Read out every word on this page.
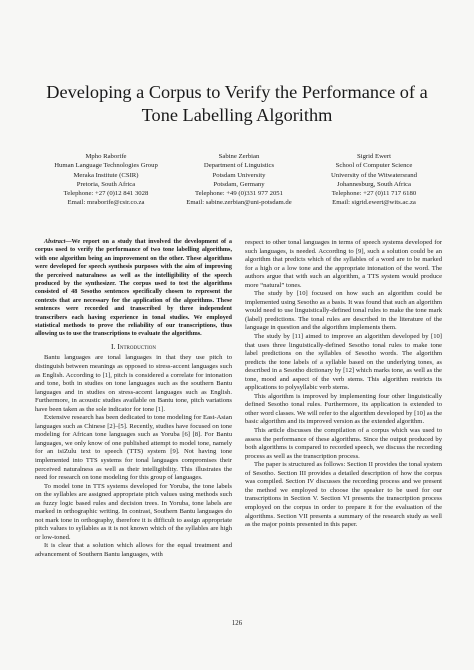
Developing a Corpus to Verify the Performance of a Tone Labelling Algorithm
Mpho Raborife
Human Language Technologies Group
Meraka Institute (CSIR)
Pretoria, South Africa
Telephone: +27 (0)12 841 3028
Email: mraborife@csir.co.za
Sabine Zerbian
Department of Linguistics
Potsdam University
Potsdam, Germany
Telephone: +49 (0)331 977 2051
Email: sabine.zerbian@uni-potsdam.de
Sigrid Ewert
School of Computer Science
University of the Witwatersrand
Johannesburg, South Africa
Telephone: +27 (0)11 717 6180
Email: sigrid.ewert@wits.ac.za

Abstract—We report on a study that involved the development of a corpus used to verify the performance of two tone labelling algorithms, with one algorithm being an improvement on the other. These algorithms were developed for speech synthesis purposes with the aim of improving the perceived naturalness as well as the intelligibility of the speech produced by the synthesizer. The corpus used to test the algorithms consisted of 48 Sesotho sentences specifically chosen to represent the contexts that are necessary for the application of the algorithms. These sentences were recorded and transcribed by three independent transcribers each having experience in tonal studies. We employed statistical methods to prove the reliability of our transcriptions, thus allowing us to use the transcriptions to evaluate the algorithms.

I. Introduction

Bantu languages are tonal languages in that they use pitch to distinguish between meanings as opposed to stress-accent languages such as English. According to [1], pitch is considered a correlate for intonation and tone, both in studies on tone languages such as the southern Bantu languages and in studies on stress-accent languages such as English. Furthermore, in acoustic studies available on Bantu tone, pitch variations have been taken as the sole indicator for tone [1].

Extensive research has been dedicated to tone modeling for East-Asian languages such as Chinese [2]–[5]. Recently, studies have focused on tone modeling for African tone languages such as Yoruba [6] [8]. For Bantu languages, we only know of one published attempt to model tone, namely for an isiZulu text to speech (TTS) system [9]. Not having tone implemented into TTS systems for tonal languages compromises their perceived naturalness as well as their intelligibility. This illustrates the need for research on tone modeling for this group of languages.

To model tone in TTS systems developed for Yoruba, the tone labels on the syllables are assigned appropriate pitch values using methods such as fuzzy logic based rules and decision trees. In Yoruba, tone labels are marked in orthographic writing. In contrast, Southern Bantu languages do not mark tone in orthography, therefore it is difficult to assign appropriate pitch values to syllables as it is not known which of the syllables are high or low-toned.

It is clear that a solution which allows for the equal treatment and advancement of Southern Bantu languages, with

respect to other tonal languages in terms of speech systems developed for such languages, is needed. According to [9], such a solution could be an algorithm that predicts which of the syllables of a word are to be marked for a high or a low tone and the appropriate intonation of the word. The authors argue that with such an algorithm, a TTS system would produce more “natural” tones.

The study by [10] focused on how such an algorithm could be implemented using Sesotho as a basis. It was found that such an algorithm would need to use linguistically-defined tonal rules to make the tone mark (label) predictions. The tonal rules are described in the literature of the language in question and the algorithm implements them.

The study by [11] aimed to improve an algorithm developed by [10] that uses three linguistically-defined Sesotho tonal rules to make tone label predictions on the syllables of Sesotho words. The algorithm predicts the tone labels of a syllable based on the underlying tones, as described in a Sesotho dictionary by [12] which marks tone, as well as the tone, mood and aspect of the verb stems. This algorithm restricts its applications to polysyllabic verb stems.

This algorithm is improved by implementing four other linguistically defined Sesotho tonal rules. Furthermore, its application is extended to other word classes. We will refer to the algorithm developed by [10] as the basic algorithm and its improved version as the extended algorithm.

This article discusses the compilation of a corpus which was used to assess the performance of these algorithms. Since the output produced by both algorithms is compared to recorded speech, we discuss the recording process as well as the transcription process.

The paper is structured as follows: Section II provides the tonal system of Sesotho. Section III provides a detailed description of how the corpus was compiled. Section IV discusses the recording process and we present the method we employed to choose the speaker to be used for our transcriptions in Section V. Section VI presents the transcription process employed on the corpus in order to prepare it for the evaluation of the algorithms. Section VII presents a summary of the research study as well as the major points presented in this paper.

126
